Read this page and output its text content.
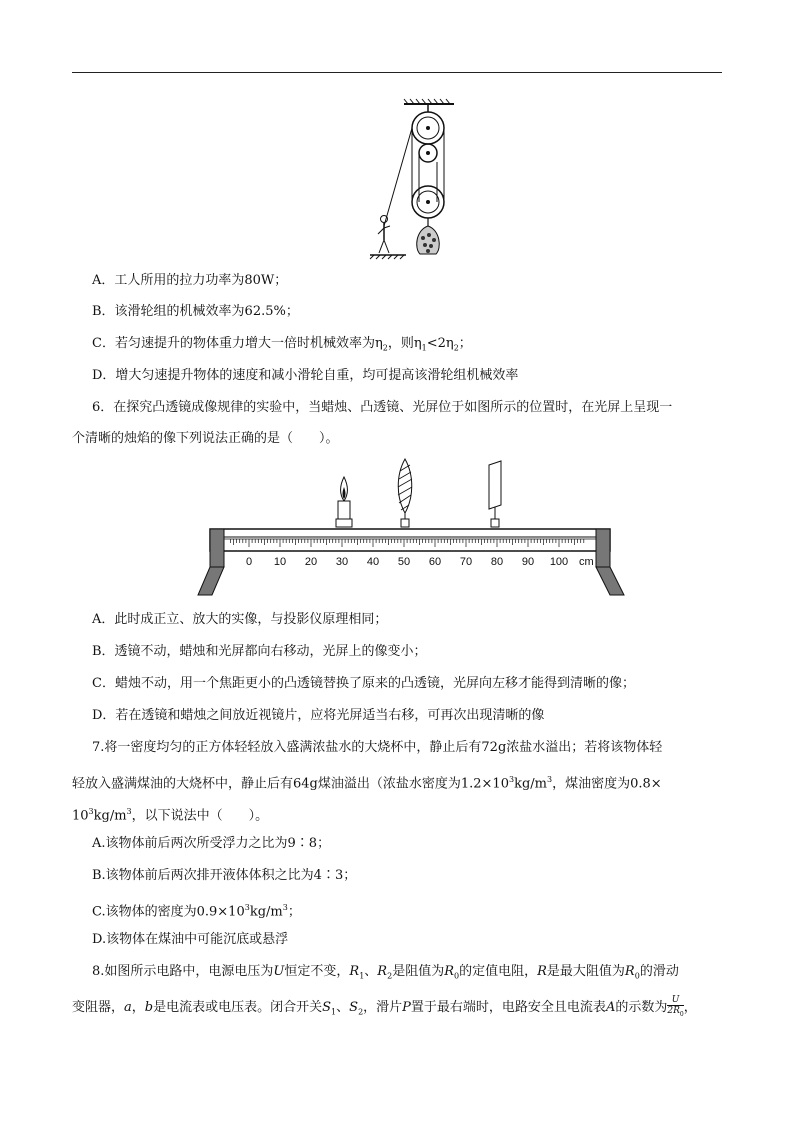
A．工人所用的拉力功率为80W；
B．该滑轮组的机械效率为62.5%；
C．若匀速提升的物体重力增大一倍时机械效率为$\eta_2$，则$\eta_1<2\eta_2$；
D．增大匀速提升物体的速度和减小滑轮自重，均可提高该滑轮组机械效率
6．在探究凸透镜成像规律的实验中，当蜡烛、凸透镜、光屏位于如图所示的位置时，在光屏上呈现一
个清晰的烛焰的像下列说法正确的是（　　）。
0 10 20 30 40 50 60 70 80 90 100 cm
A．此时成正立、放大的实像，与投影仪原理相同；
B．透镜不动，蜡烛和光屏都向右移动，光屏上的像变小；
C．蜡烛不动，用一个焦距更小的凸透镜替换了原来的凸透镜，光屏向左移才能得到清晰的像；
D．若在透镜和蜡烛之间放近视镜片，应将光屏适当右移，可再次出现清晰的像
7.将一密度均匀的正方体轻轻放入盛满浓盐水的大烧杯中，静止后有72g浓盐水溢出；若将该物体轻
轻放入盛满煤油的大烧杯中，静止后有64g煤油溢出（浓盐水密度为$1.2\times 10^3kg/m^3$，煤油密度为0.8×
$10^3kg/m^3$，以下说法中（　　）。
A.该物体前后两次所受浮力之比为9∶8；
B.该物体前后两次排开液体体积之比为4∶3；
C.该物体的密度为$0.9\times 10^3kg/m^3$；
D.该物体在煤油中可能沉底或悬浮
8.如图所示电路中，电源电压为U恒定不变，$R_1$、$R_2$是阻值为$R_0$的定值电阻，R是最大阻值为$R_0$的滑动
变阻器，a，b是电流表或电压表。闭合开关$S_1$、$S_2$，滑片P置于最右端时，电路安全且电流表A的示数为 $\frac{U}{2R_0}$ ，
